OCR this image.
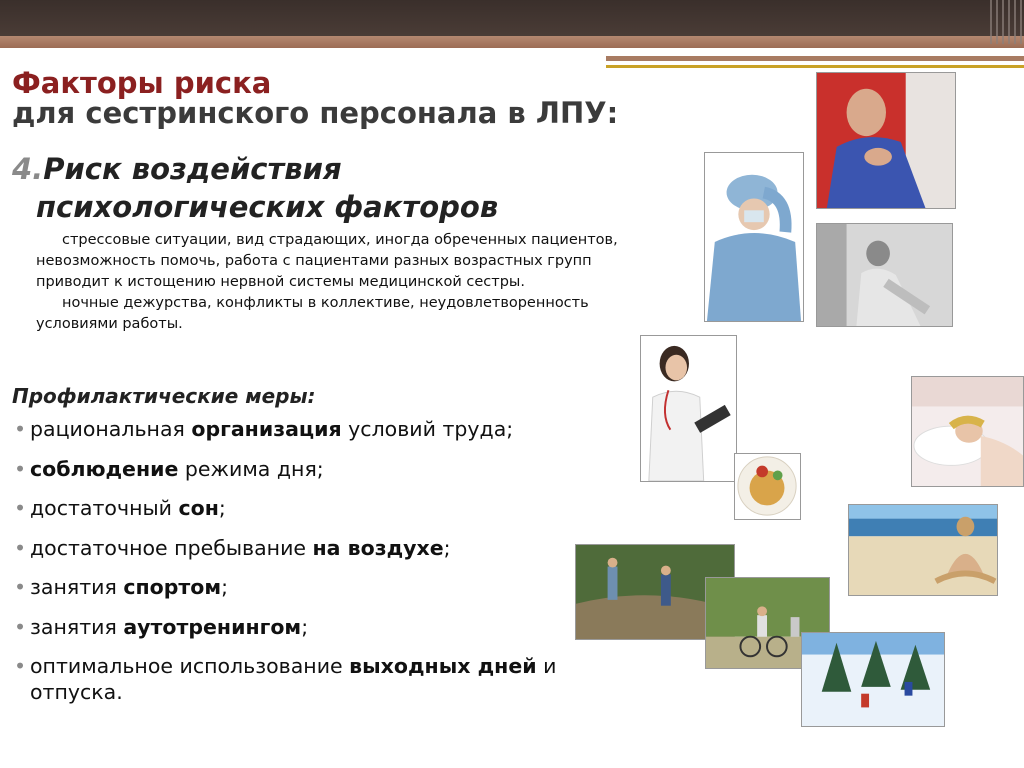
Факторы риска
для сестринского персонала в ЛПУ:
4.Риск воздействия
психологических факторов

стрессовые ситуации, вид страдающих, иногда обреченных пациентов, невозможность помочь, работа с пациентами разных возрастных групп приводит к истощению нервной системы медицинской сестры.

ночные дежурства, конфликты в коллективе, неудовлетворенность условиями работы.

Профилактические меры:
• рациональная организация условий труда;
• соблюдение режима дня;
• достаточный сон;
• достаточное пребывание на воздухе;
• занятия спортом;
• занятия аутотренингом;
• оптимальное использование выходных дней и отпуска.
